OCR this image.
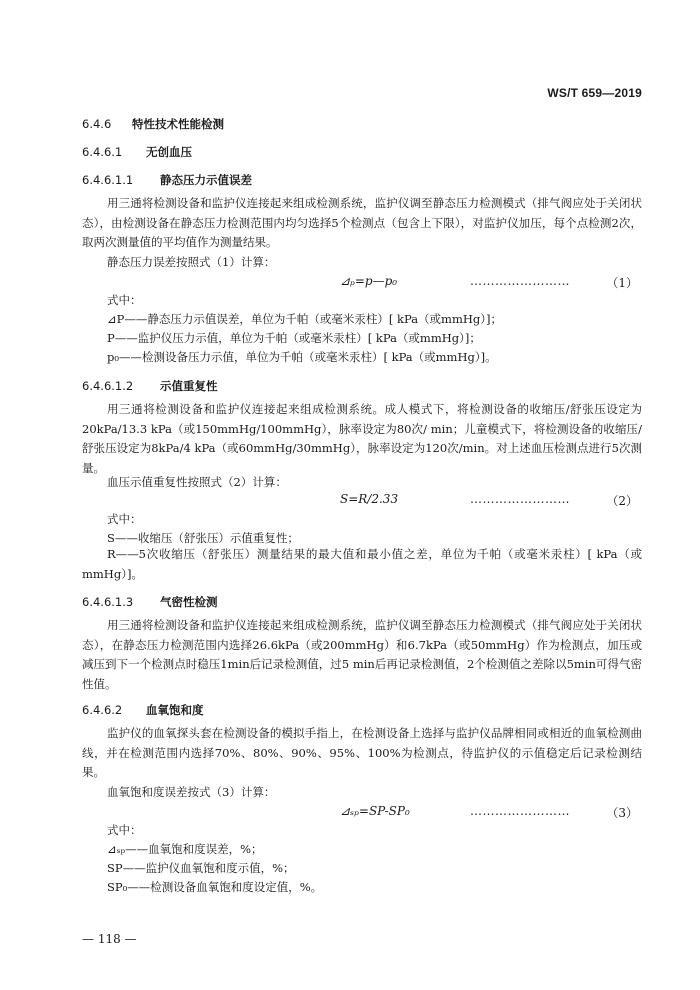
WS/T 659—2019
6.4.6 特性技术性能检测
6.4.6.1 无创血压
6.4.6.1.1 静态压力示值误差
用三通将检测设备和监护仪连接起来组成检测系统，监护仪调至静态压力检测模式（排气阀应处于关闭状态），由检测设备在静态压力检测范围内均匀选择5个检测点（包含上下限），对监护仪加压，每个点检测2次，取两次测量值的平均值作为测量结果。
静态压力误差按照式（1）计算：
⊿ₚ=p—p₀	……………………	（1）
式中：
⊿P——静态压力示值误差，单位为千帕（或毫米汞柱）[ kPa（或mmHg）]；
P——监护仪压力示值，单位为千帕（或毫米汞柱）[ kPa（或mmHg）]；
p₀——检测设备压力示值，单位为千帕（或毫米汞柱）[ kPa（或mmHg）]。
6.4.6.1.2 示值重复性
用三通将检测设备和监护仪连接起来组成检测系统。成人模式下，将检测设备的收缩压/舒张压设定为20kPa/13.3 kPa（或150mmHg/100mmHg），脉率设定为80次/ min；儿童模式下，将检测设备的收缩压/舒张压设定为8kPa/4 kPa（或60mmHg/30mmHg），脉率设定为120次/min。对上述血压检测点进行5次测量。
血压示值重复性按照式（2）计算：
S=R/2.33	……………………	（2）
式中：
S——收缩压（舒张压）示值重复性；
R——5次收缩压（舒张压）测量结果的最大值和最小值之差，单位为千帕（或毫米汞柱）[ kPa（或mmHg）]。
6.4.6.1.3 气密性检测
用三通将检测设备和监护仪连接起来组成检测系统，监护仪调至静态压力检测模式（排气阀应处于关闭状态），在静态压力检测范围内选择26.6kPa（或200mmHg）和6.7kPa（或50mmHg）作为检测点，加压或减压到下一个检测点时稳压1min后记录检测值，过5 min后再记录检测值，2个检测值之差除以5min可得气密性值。
6.4.6.2 血氧饱和度
监护仪的血氧探头套在检测设备的模拟手指上，在检测设备上选择与监护仪品牌相同或相近的血氧检测曲线，并在检测范围内选择70%、80%、90%、95%、100%为检测点，待监护仪的示值稳定后记录检测结果。
血氧饱和度误差按式（3）计算：
⊿ₛₚ=SP-SP₀	……………………	（3）
式中：
⊿ₛₚ——血氧饱和度误差，%；
SP——监护仪血氧饱和度示值，%；
SP₀——检测设备血氧饱和度设定值，%。
— 118 —
